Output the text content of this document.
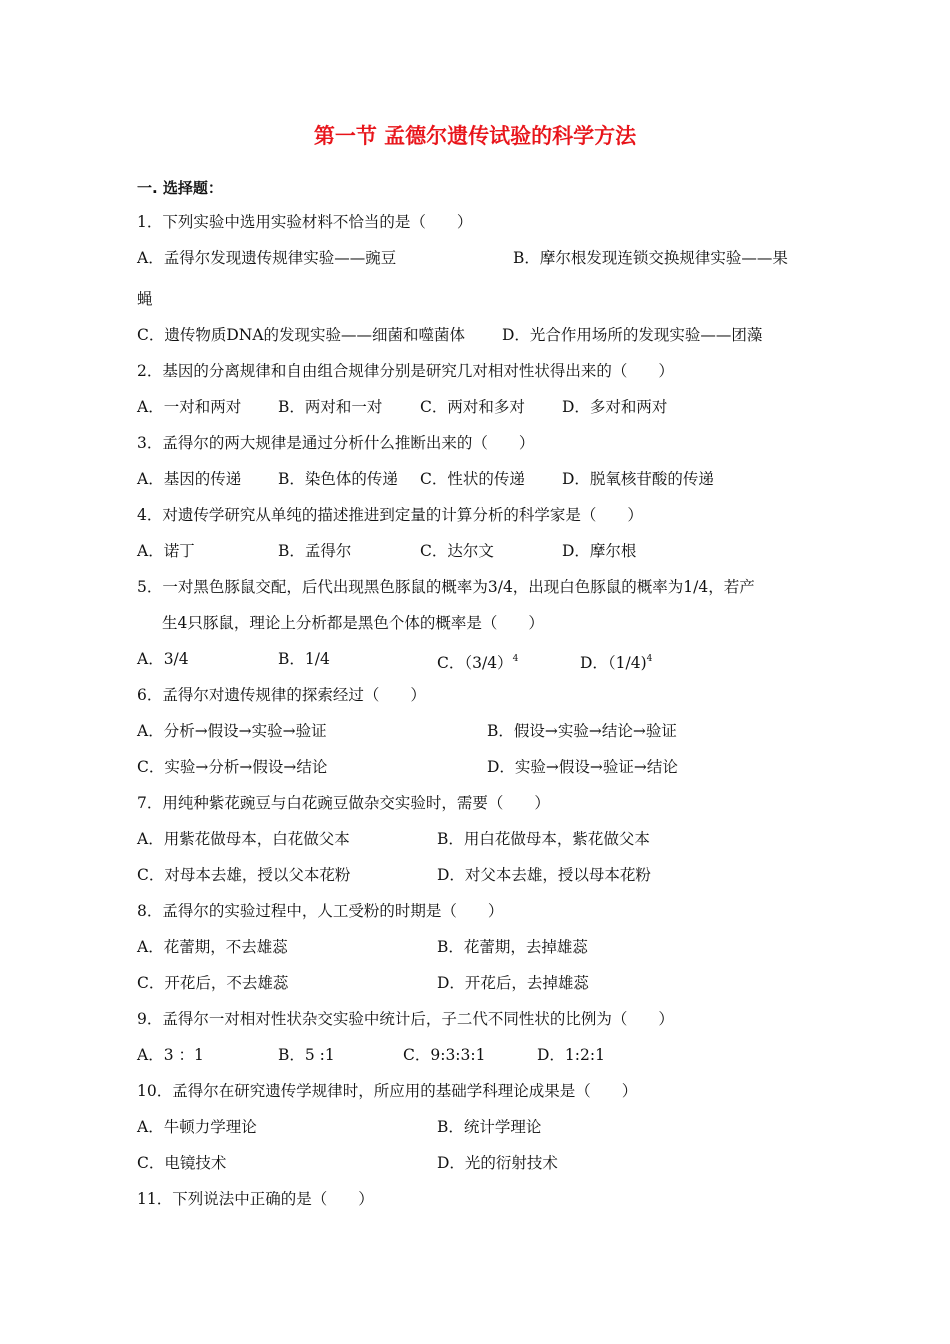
第一节 孟德尔遗传试验的科学方法
一. 选择题：
1．下列实验中选用实验材料不恰当的是（　　）
A．孟得尔发现遗传规律实验——豌豆	B．摩尔根发现连锁交换规律实验——果
蝇
C．遗传物质DNA的发现实验——细菌和噬菌体 D．光合作用场所的发现实验——团藻
2．基因的分离规律和自由组合规律分别是研究几对相对性状得出来的（　　）
A．一对和两对 B．两对和一对 C．两对和多对 D．多对和两对
3．孟得尔的两大规律是通过分析什么推断出来的（　　）
A．基因的传递 B．染色体的传递 C．性状的传递 D．脱氧核苷酸的传递
4．对遗传学研究从单纯的描述推进到定量的计算分析的科学家是（　　）
A．诺丁	B．孟得尔	C．达尔文	D．摩尔根
5．一对黑色豚鼠交配，后代出现黑色豚鼠的概率为3/4，出现白色豚鼠的概率为1/4，若产
生4只豚鼠，理论上分析都是黑色个体的概率是（　　）
A．3/4	B．1/4	C．$(3/4)^4$	D．（1/4)$^4$
6．孟得尔对遗传规律的探索经过（　　）
A．分析→假设→实验→验证	B．假设→实验→结论→验证
C．实验→分析→假设→结论	D．实验→假设→验证→结论
7．用纯种紫花豌豆与白花豌豆做杂交实验时，需要（　　）
A．用紫花做母本，白花做父本	B．用白花做母本，紫花做父本
C．对母本去雄，授以父本花粉	D．对父本去雄，授以母本花粉
8．孟得尔的实验过程中，人工受粉的时期是（　　）
A．花蕾期，不去雄蕊	B．花蕾期，去掉雄蕊
C．开花后，不去雄蕊	D．开花后，去掉雄蕊
9．孟得尔一对相对性状杂交实验中统计后，子二代不同性状的比例为（　　）
A．3 ：1	B．5 :1	C．9:3:3:1	D．1:2:1
10．孟得尔在研究遗传学规律时，所应用的基础学科理论成果是（　　）
A．牛顿力学理论	B．统计学理论
C．电镜技术	D．光的衍射技术
11．下列说法中正确的是（　　）
